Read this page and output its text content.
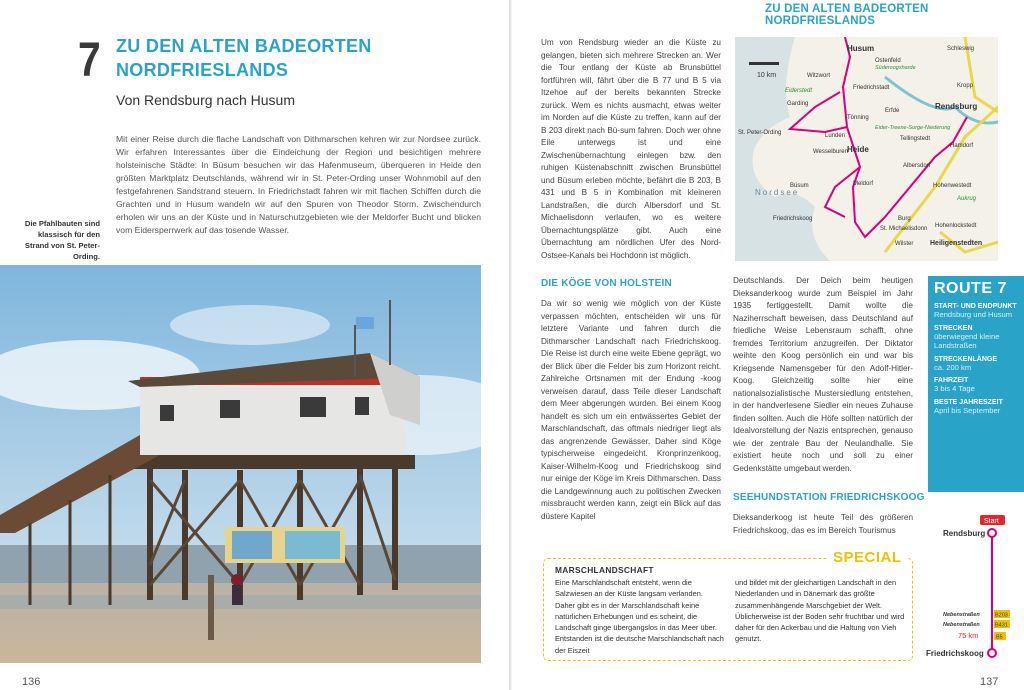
7 ZU DEN ALTEN BADEORTEN NORDFRIESLANDS
Von Rendsburg nach Husum
Mit einer Reise durch die flache Landschaft von Dithmarschen kehren wir zur Nordsee zurück. Wir erfahren Interessantes über die Eindeichung der Region und besichtigen mehrere holsteinische Städte: In Büsum besuchen wir das Hafenmuseum, überqueren in Heide den größten Marktplatz Deutschlands, während wir in St. Peter-Ording unser Wohnmobil auf den festgefahrenen Sandstrand steuern. In Friedrichstadt fahren wir mit flachen Schiffen durch die Grachten und in Husum wandeln wir auf den Spuren von Theodor Storm. Zwischendurch erholen wir uns an der Küste und in Naturschutzgebieten wie der Meldorfer Bucht und blicken vom Eidersperrwerk auf das tosende Wasser.
Die Pfahlbauten sind klassisch für den Strand von St. Peter-Ording.
136
ZU DEN ALTEN BADEORTEN NORDFRIESLANDS
Um von Rendsburg wieder an die Küste zu gelangen, bieten sich mehrere Strecken an. Wer die Tour entlang der Küste ab Brunsbüttel fortführen will, fährt über die B 77 und B 5 via Itzehoe auf der bereits bekannten Strecke zurück. Wem es nichts ausmacht, etwas weiter im Norden auf die Küste zu treffen, kann auf der B 203 direkt nach Bü-sum fahren. Doch wer ohne Eile unterwegs ist und eine Zwischenübernachtung einlegen bzw. den ruhigen Küstenabschnitt zwischen Brunsbüttel und Büsum erleben möchte, befährt die B 203, B 431 und B 5 in Kombination mit kleineren Landstraßen, die durch Albersdorf und St. Michaelisdonn verlaufen, wo es weitere Übernachtungsplätze gibt. Auch eine Übernachtung am nördlichen Ufer des Nord-Ostsee-Kanals bei Hochdonn ist möglich.
DIE KÖGE VON HOLSTEIN
Da wir so wenig wie möglich von der Küste verpassen möchten, entscheiden wir uns für letztere Variante und fahren durch die Dithmarscher Landschaft nach Friedrichskoog. Die Reise ist durch eine weite Ebene geprägt, wo der Blick über die Felder bis zum Horizont reicht. Zahlreiche Ortsnamen mit der Endung -koog verweisen darauf, dass Teile dieser Landschaft dem Meer abgerungen wurden. Bei einem Koog handelt es sich um ein entwässertes Gebiet der Marschlandschaft, das oftmals niedriger liegt als das angrenzende Gewässer. Daher sind Köge typischerweise eingedeicht. Kronprinzenkoog, Kaiser-Wilhelm-Koog und Friedrichskoog sind nur einige der Köge im Kreis Dithmarschen. Dass die Landgewinnung auch zu politischen Zwecken missbraucht werden kann, zeigt ein Blick auf das düstere Kapitel
Deutschlands. Der Deich beim heutigen Dieksanderkoog wurde zum Beispiel im Jahr 1935 fertiggestellt. Damit wollte die Naziherrschaft beweisen, dass Deutschland auf friedliche Weise Lebensraum schafft, ohne fremdes Territorium anzugreifen. Der Diktator weihte den Koog persönlich ein und war bis Kriegsende Namensgeber für den Adolf-Hitler-Koog. Gleichzeitig sollte hier eine nationalsozialistische Mustersiedlung entstehen, in der handverlesene Siedler ein neues Zuhause finden sollten. Auch die Höfe sollten natürlich der Idealvorstellung der Nazis entsprechen, genauso wie der zentrale Bau der Neulandhalle. Sie existiert heute noch und soll zu einer Gedenkstätte umgebaut werden.
SEEHUNDSTATION FRIEDRICHSKOOG
Dieksanderkoog ist heute Teil des größeren Friedrichskoog, das es im Bereich Tourismus
10 km
Husum	Schleswig
Ostenfeld
Witzwort
Kropp
Friedrichstadt
Eiderstedt
Garding
Tönning
Erfde
Eider-Treene-Sorge-Niederung
Rendsburg
St. Peter-Ording	Lunden
Wesselburen Heide	Hamdorf
Tellingstedt
Büsum
Albersdorf
Meldorf	Hohenwestedt
Nordsee
Aukrug
Friedrichskoog	Burg
St. Michaelisdonn Hohenlockstedt
Wilster Heiligenstedten
Süderoogsharde
ROUTE 7
START- UND ENDPUNKT
Rendsburg und Husum
STRECKEN
überwiegend kleine Landstraßen
STRECKENLÄNGE
ca. 200 km
FAHRZEIT
3 bis 4 Tage
BESTE JAHRESZEIT
April bis September
SPECIAL
MARSCHLANDSCHAFT
Eine Marschlandschaft entsteht, wenn die Salzwiesen an der Küste langsam verlanden. Daher gibt es in der Marschlandschaft keine natürlichen Erhebungen und es scheint, die Landschaft ginge übergangslos in das Meer über. Entstanden ist die deutsche Marschlandschaft nach der Eiszeit
und bildet mit der gleichartigen Landschaft in den Niederlanden und in Dänemark das größte zusammenhängende Marschgebiet der Welt. Üblicherweise ist der Boden sehr fruchtbar und wird daher für den Ackerbau und die Haltung von Vieh genutzt.
Start
Rendsburg
Nebenstraßen	B203
Nebenstraßen	B431
75 km	B5
Friedrichskoog
137
